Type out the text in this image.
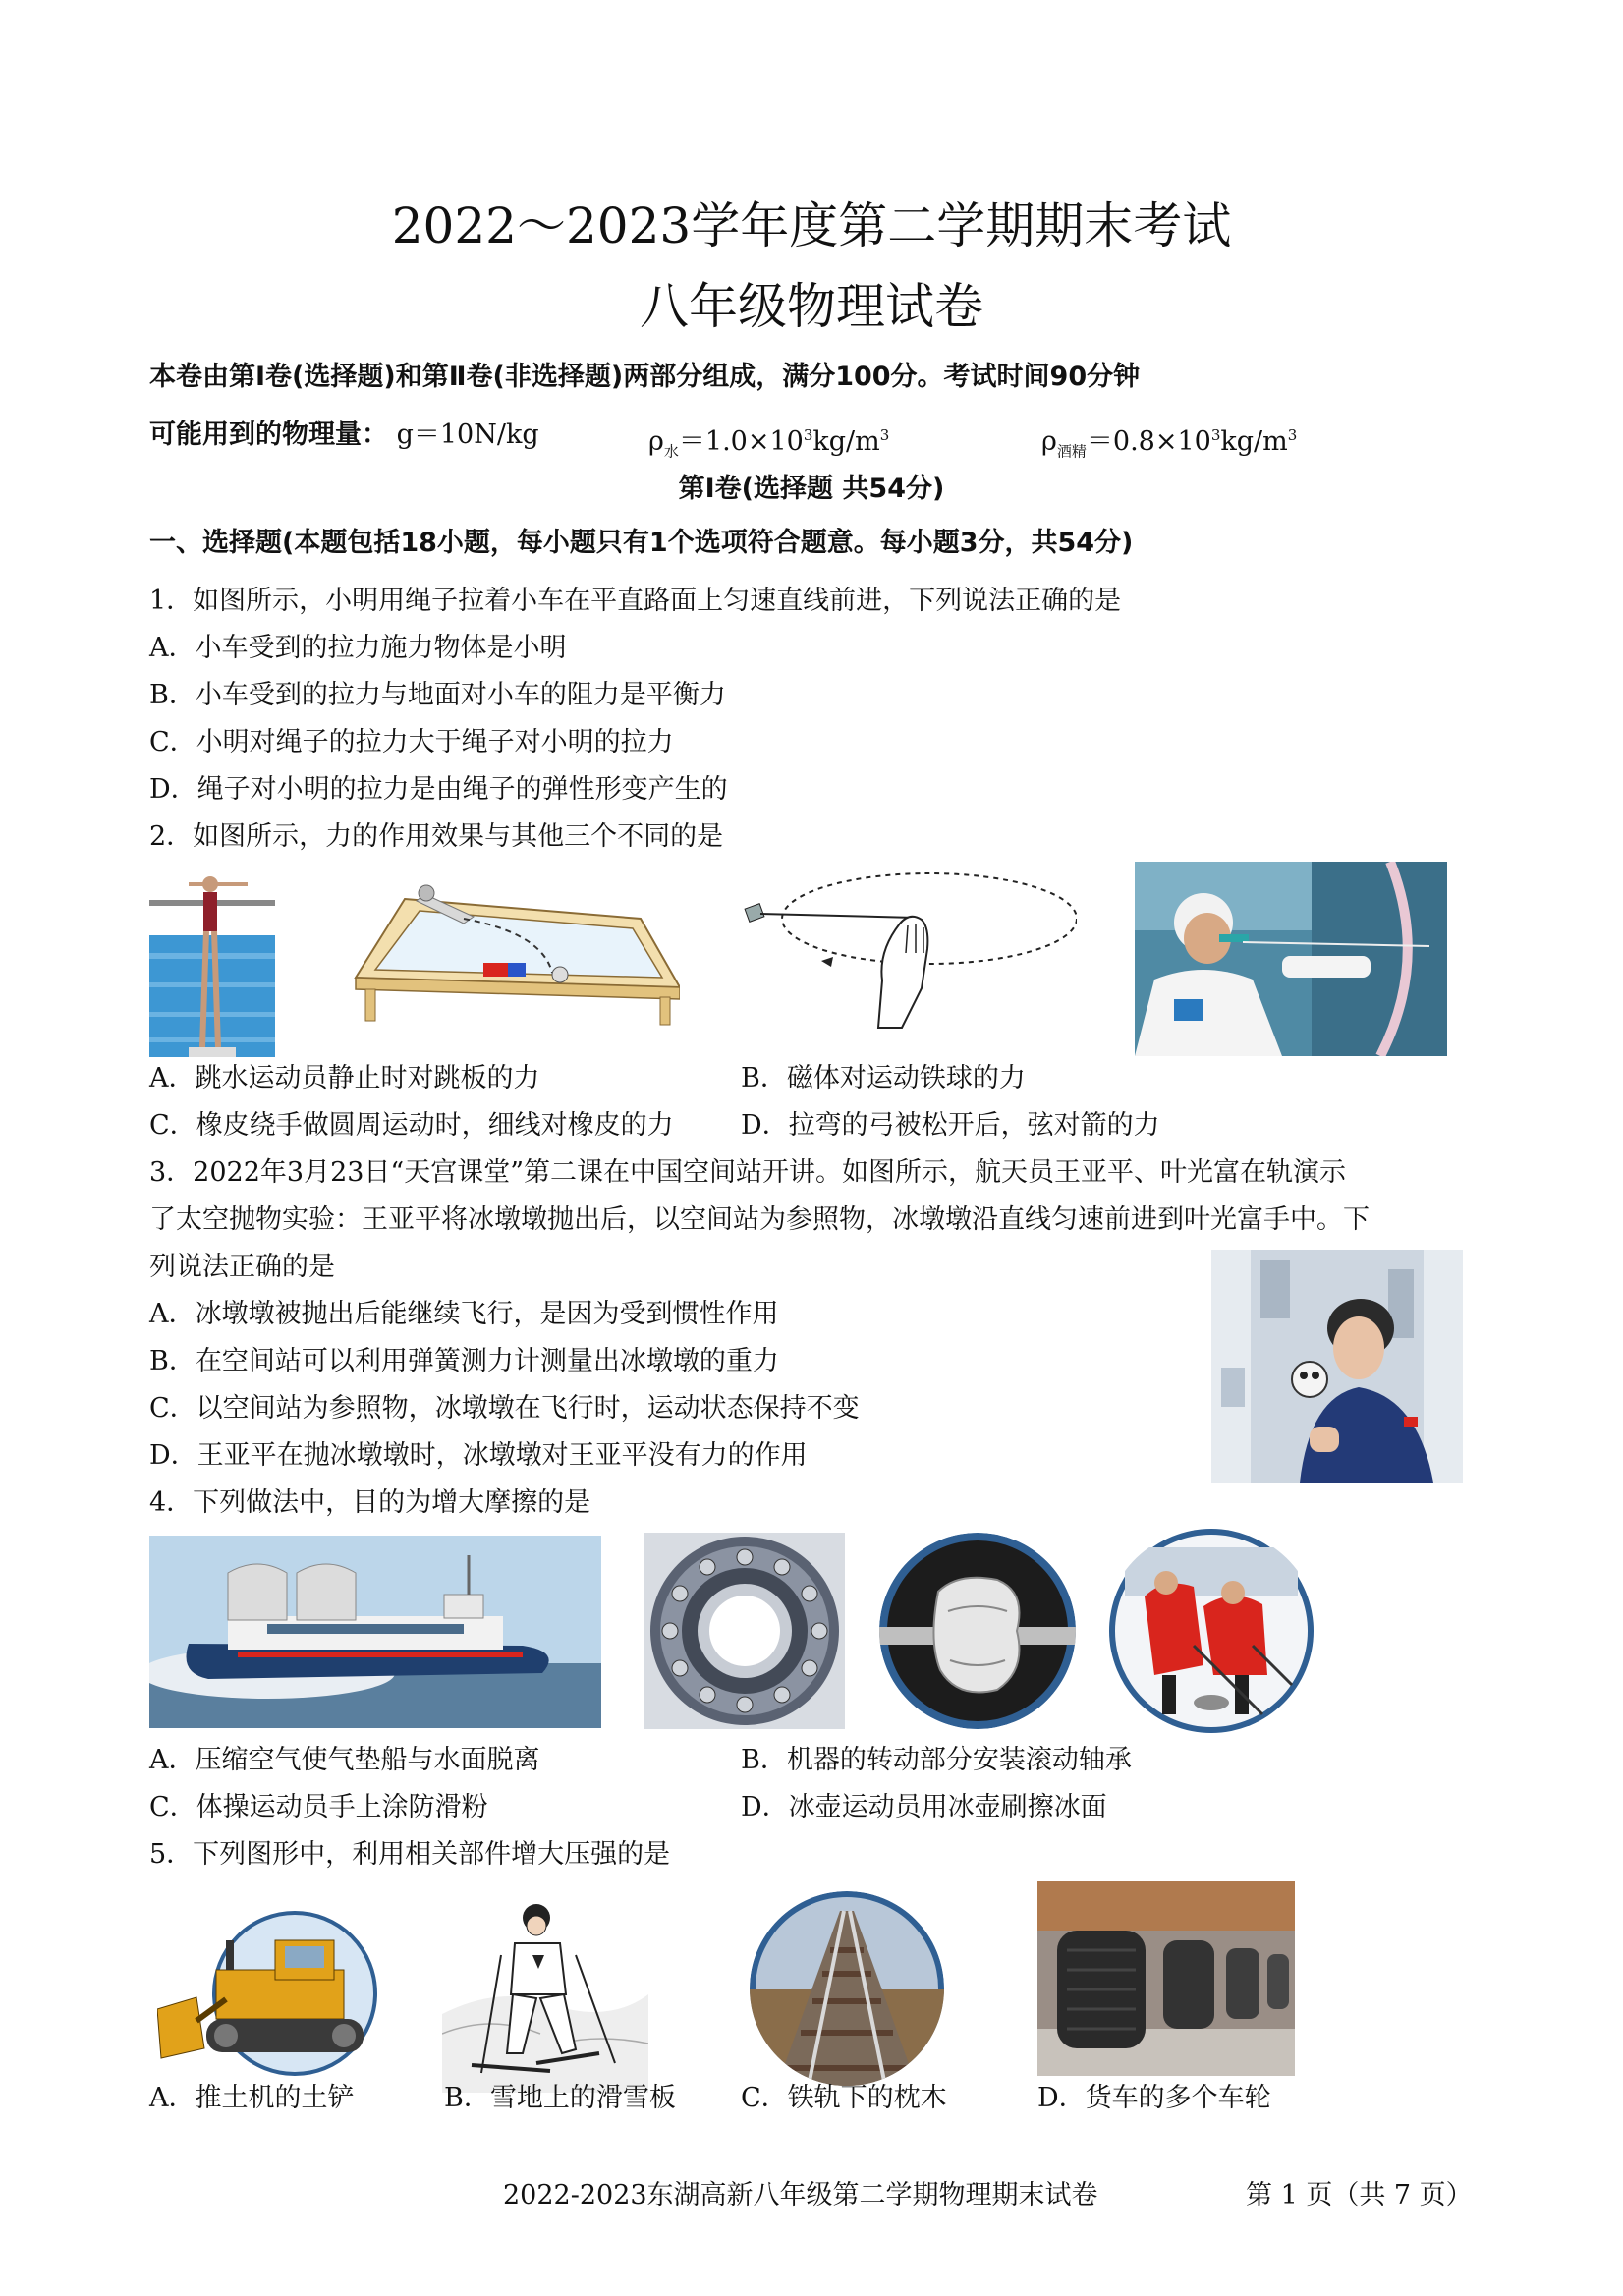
2022～2023学年度第二学期期末考试
八年级物理试卷
本卷由第Ⅰ卷(选择题)和第Ⅱ卷(非选择题)两部分组成，满分100分。考试时间90分钟
可能用到的物理量： g＝10N/kg	$\rho_水=1.0\times 10^3kg/m^3$	$\rho_{酒精}=0.8\times 10^3kg/m^3$
第Ⅰ卷(选择题 共54分)
一、选择题(本题包括18小题，每小题只有1个选项符合题意。每小题3分，共54分)
1．如图所示，小明用绳子拉着小车在平直路面上匀速直线前进，下列说法正确的是
A．小车受到的拉力施力物体是小明
B．小车受到的拉力与地面对小车的阻力是平衡力
C．小明对绳子的拉力大于绳子对小明的拉力
D．绳子对小明的拉力是由绳子的弹性形变产生的
2．如图所示，力的作用效果与其他三个不同的是
A．跳水运动员静止时对跳板的力	B．磁体对运动铁球的力
C．橡皮绕手做圆周运动时，细线对橡皮的力	D．拉弯的弓被松开后，弦对箭的力
3．2022年3月23日“天宫课堂”第二课在中国空间站开讲。如图所示，航天员王亚平、叶光富在轨演示
了太空抛物实验：王亚平将冰墩墩抛出后，以空间站为参照物，冰墩墩沿直线匀速前进到叶光富手中。下
列说法正确的是
A．冰墩墩被抛出后能继续飞行，是因为受到惯性作用
B．在空间站可以利用弹簧测力计测量出冰墩墩的重力
C．以空间站为参照物，冰墩墩在飞行时，运动状态保持不变
D．王亚平在抛冰墩墩时，冰墩墩对王亚平没有力的作用
4．下列做法中，目的为增大摩擦的是
A．压缩空气使气垫船与水面脱离	B．机器的转动部分安装滚动轴承
C．体操运动员手上涂防滑粉	D．冰壶运动员用冰壶刷擦冰面
5．下列图形中，利用相关部件增大压强的是
A．推土机的土铲	B．雪地上的滑雪板 C．铁轨下的枕木	D．货车的多个车轮
2022-2023东湖高新八年级第二学期物理期末试卷	第 1 页（共 7 页）
